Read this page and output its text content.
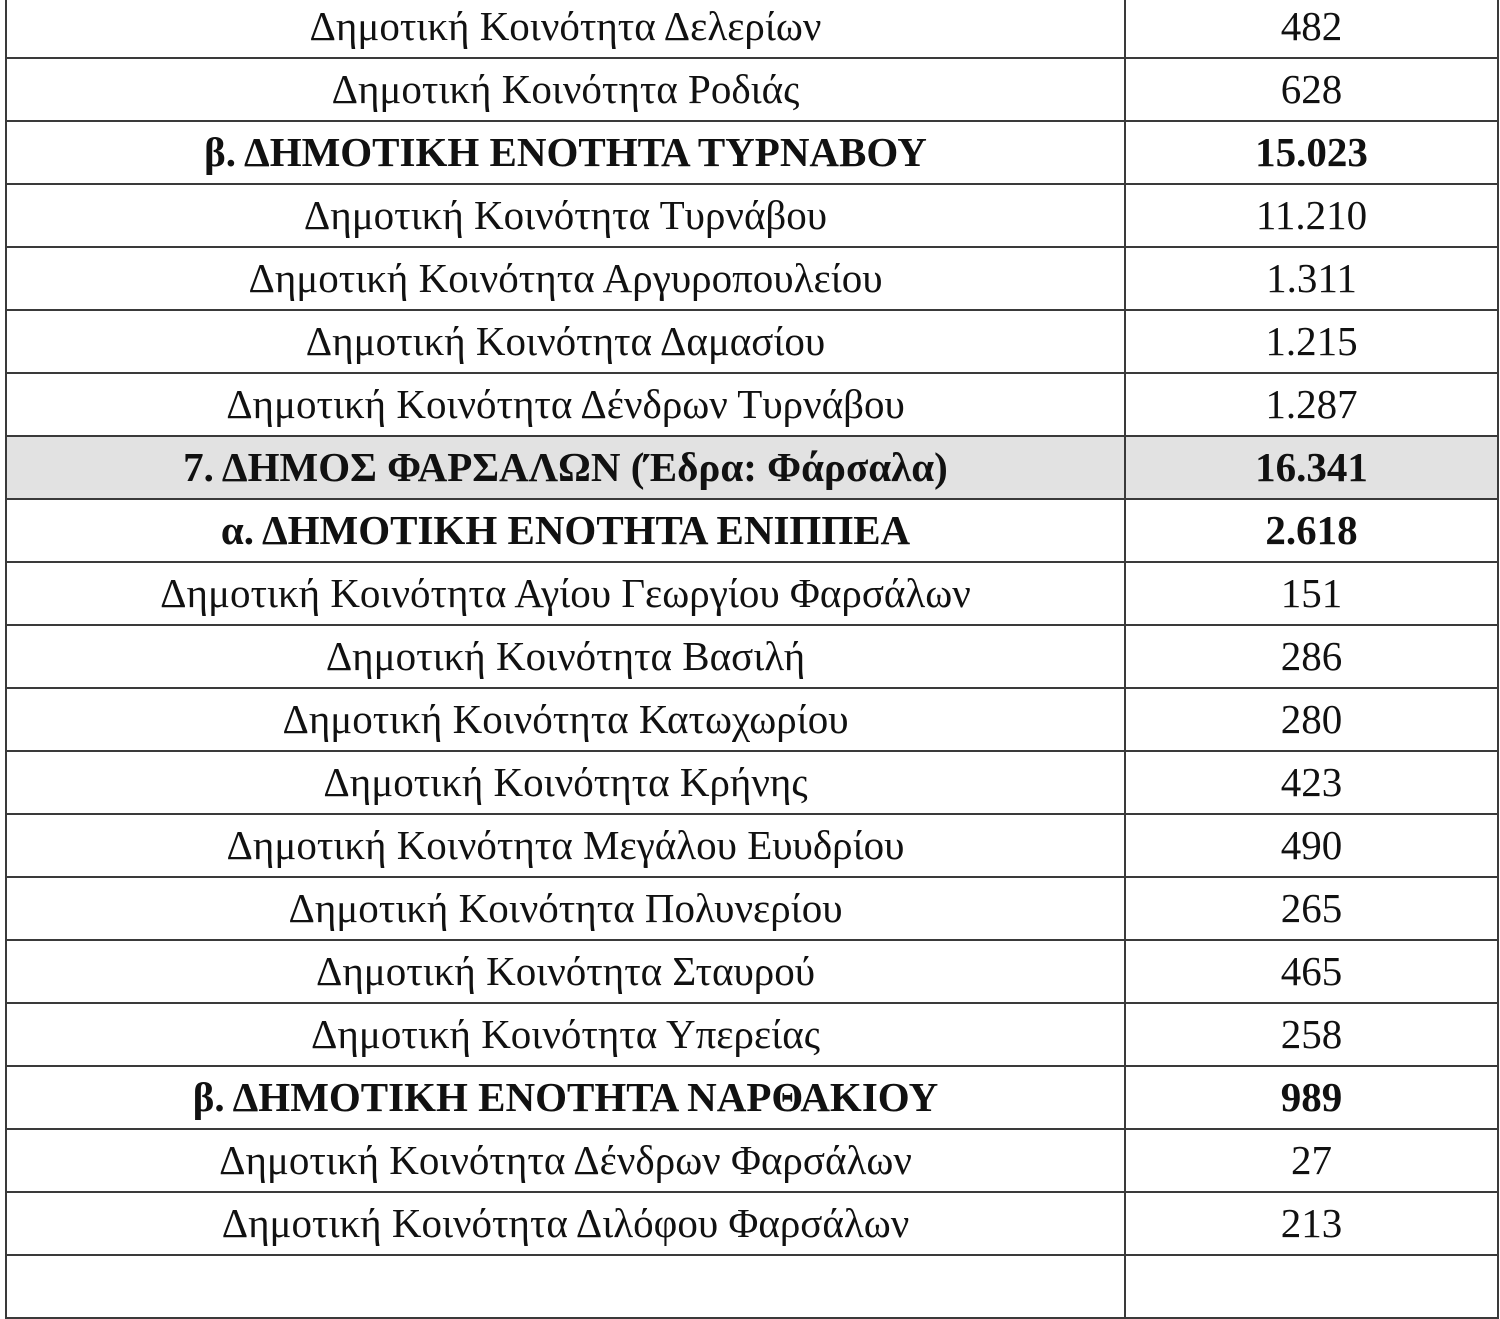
Δημοτική Κοινότητα Δελερίων	482
Δημοτική Κοινότητα Ροδιάς	628
β. ΔΗΜΟΤΙΚΗ ΕΝΟΤΗΤΑ ΤΥΡΝΑΒΟΥ	15.023
Δημοτική Κοινότητα Τυρνάβου	11.210
Δημοτική Κοινότητα Αργυροπουλείου	1.311
Δημοτική Κοινότητα Δαμασίου	1.215
Δημοτική Κοινότητα Δένδρων Τυρνάβου	1.287
7. ΔΗΜΟΣ ΦΑΡΣΑΛΩΝ (Έδρα: Φάρσαλα)	16.341
α. ΔΗΜΟΤΙΚΗ ΕΝΟΤΗΤΑ ΕΝΙΠΠΕΑ	2.618
Δημοτική Κοινότητα Αγίου Γεωργίου Φαρσάλων	151
Δημοτική Κοινότητα Βασιλή	286
Δημοτική Κοινότητα Κατωχωρίου	280
Δημοτική Κοινότητα Κρήνης	423
Δημοτική Κοινότητα Μεγάλου Ευυδρίου	490
Δημοτική Κοινότητα Πολυνερίου	265
Δημοτική Κοινότητα Σταυρού	465
Δημοτική Κοινότητα Υπερείας	258
β. ΔΗΜΟΤΙΚΗ ΕΝΟΤΗΤΑ ΝΑΡΘΑΚΙΟΥ	989
Δημοτική Κοινότητα Δένδρων Φαρσάλων	27
Δημοτική Κοινότητα Διλόφου Φαρσάλων	213
